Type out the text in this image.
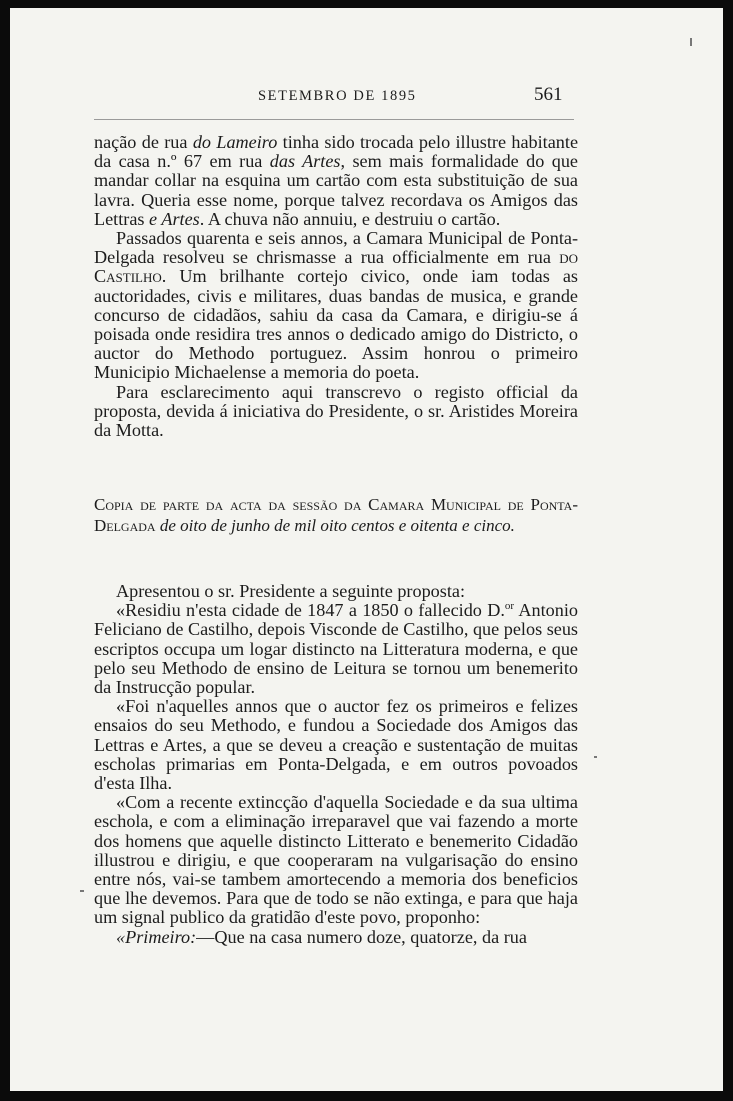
SETEMBRO DE 1895	561

nação de rua do Lameiro tinha sido trocada pelo illustre habitante da casa n.º 67 em rua das Artes, sem mais formalidade do que mandar collar na esquina um cartão com esta substituição de sua lavra. Queria esse nome, porque talvez recordava os Amigos das Lettras e Artes. A chuva não annuiu, e destruiu o cartão.

Passados quarenta e seis annos, a Camara Municipal de Ponta-Delgada resolveu se chrismasse a rua officialmente em rua do Castilho. Um brilhante cortejo civico, onde iam todas as auctoridades, civis e militares, duas bandas de musica, e grande concurso de cidadãos, sahiu da casa da Camara, e dirigiu-se á poisada onde residira tres annos o dedicado amigo do Districto, o auctor do Methodo portuguez. Assim honrou o primeiro Municipio Michaelense a memoria do poeta.

Para esclarecimento aqui transcrevo o registo official da proposta, devida á iniciativa do Presidente, o sr. Aristides Moreira da Motta.

Copia de parte da acta da sessão da Camara Municipal de Ponta-Delgada de oito de junho de mil oito centos e oitenta e cinco.

Apresentou o sr. Presidente a seguinte proposta:

«Residiu n'esta cidade de 1847 a 1850 o fallecido D.$^{or}$ Antonio Feliciano de Castilho, depois Visconde de Castilho, que pelos seus escriptos occupa um logar distincto na Litteratura moderna, e que pelo seu Methodo de ensino de Leitura se tornou um benemerito da Instrucção popular.

«Foi n'aquelles annos que o auctor fez os primeiros e felizes ensaios do seu Methodo, e fundou a Sociedade dos Amigos das Lettras e Artes, a que se deveu a creação e sustentação de muitas escholas primarias em Ponta-Delgada, e em outros povoados d'esta Ilha.

«Com a recente extincção d'aquella Sociedade e da sua ultima eschola, e com a eliminação irreparavel que vai fazendo a morte dos homens que aquelle distincto Litterato e benemerito Cidadão illustrou e dirigiu, e que cooperaram na vulgarisação do ensino entre nós, vai-se tambem amortecendo a memoria dos beneficios que lhe devemos. Para que de todo se não extinga, e para que haja um signal publico da gratidão d'este povo, proponho:

«Primeiro:—Que na casa numero doze, quatorze, da rua
